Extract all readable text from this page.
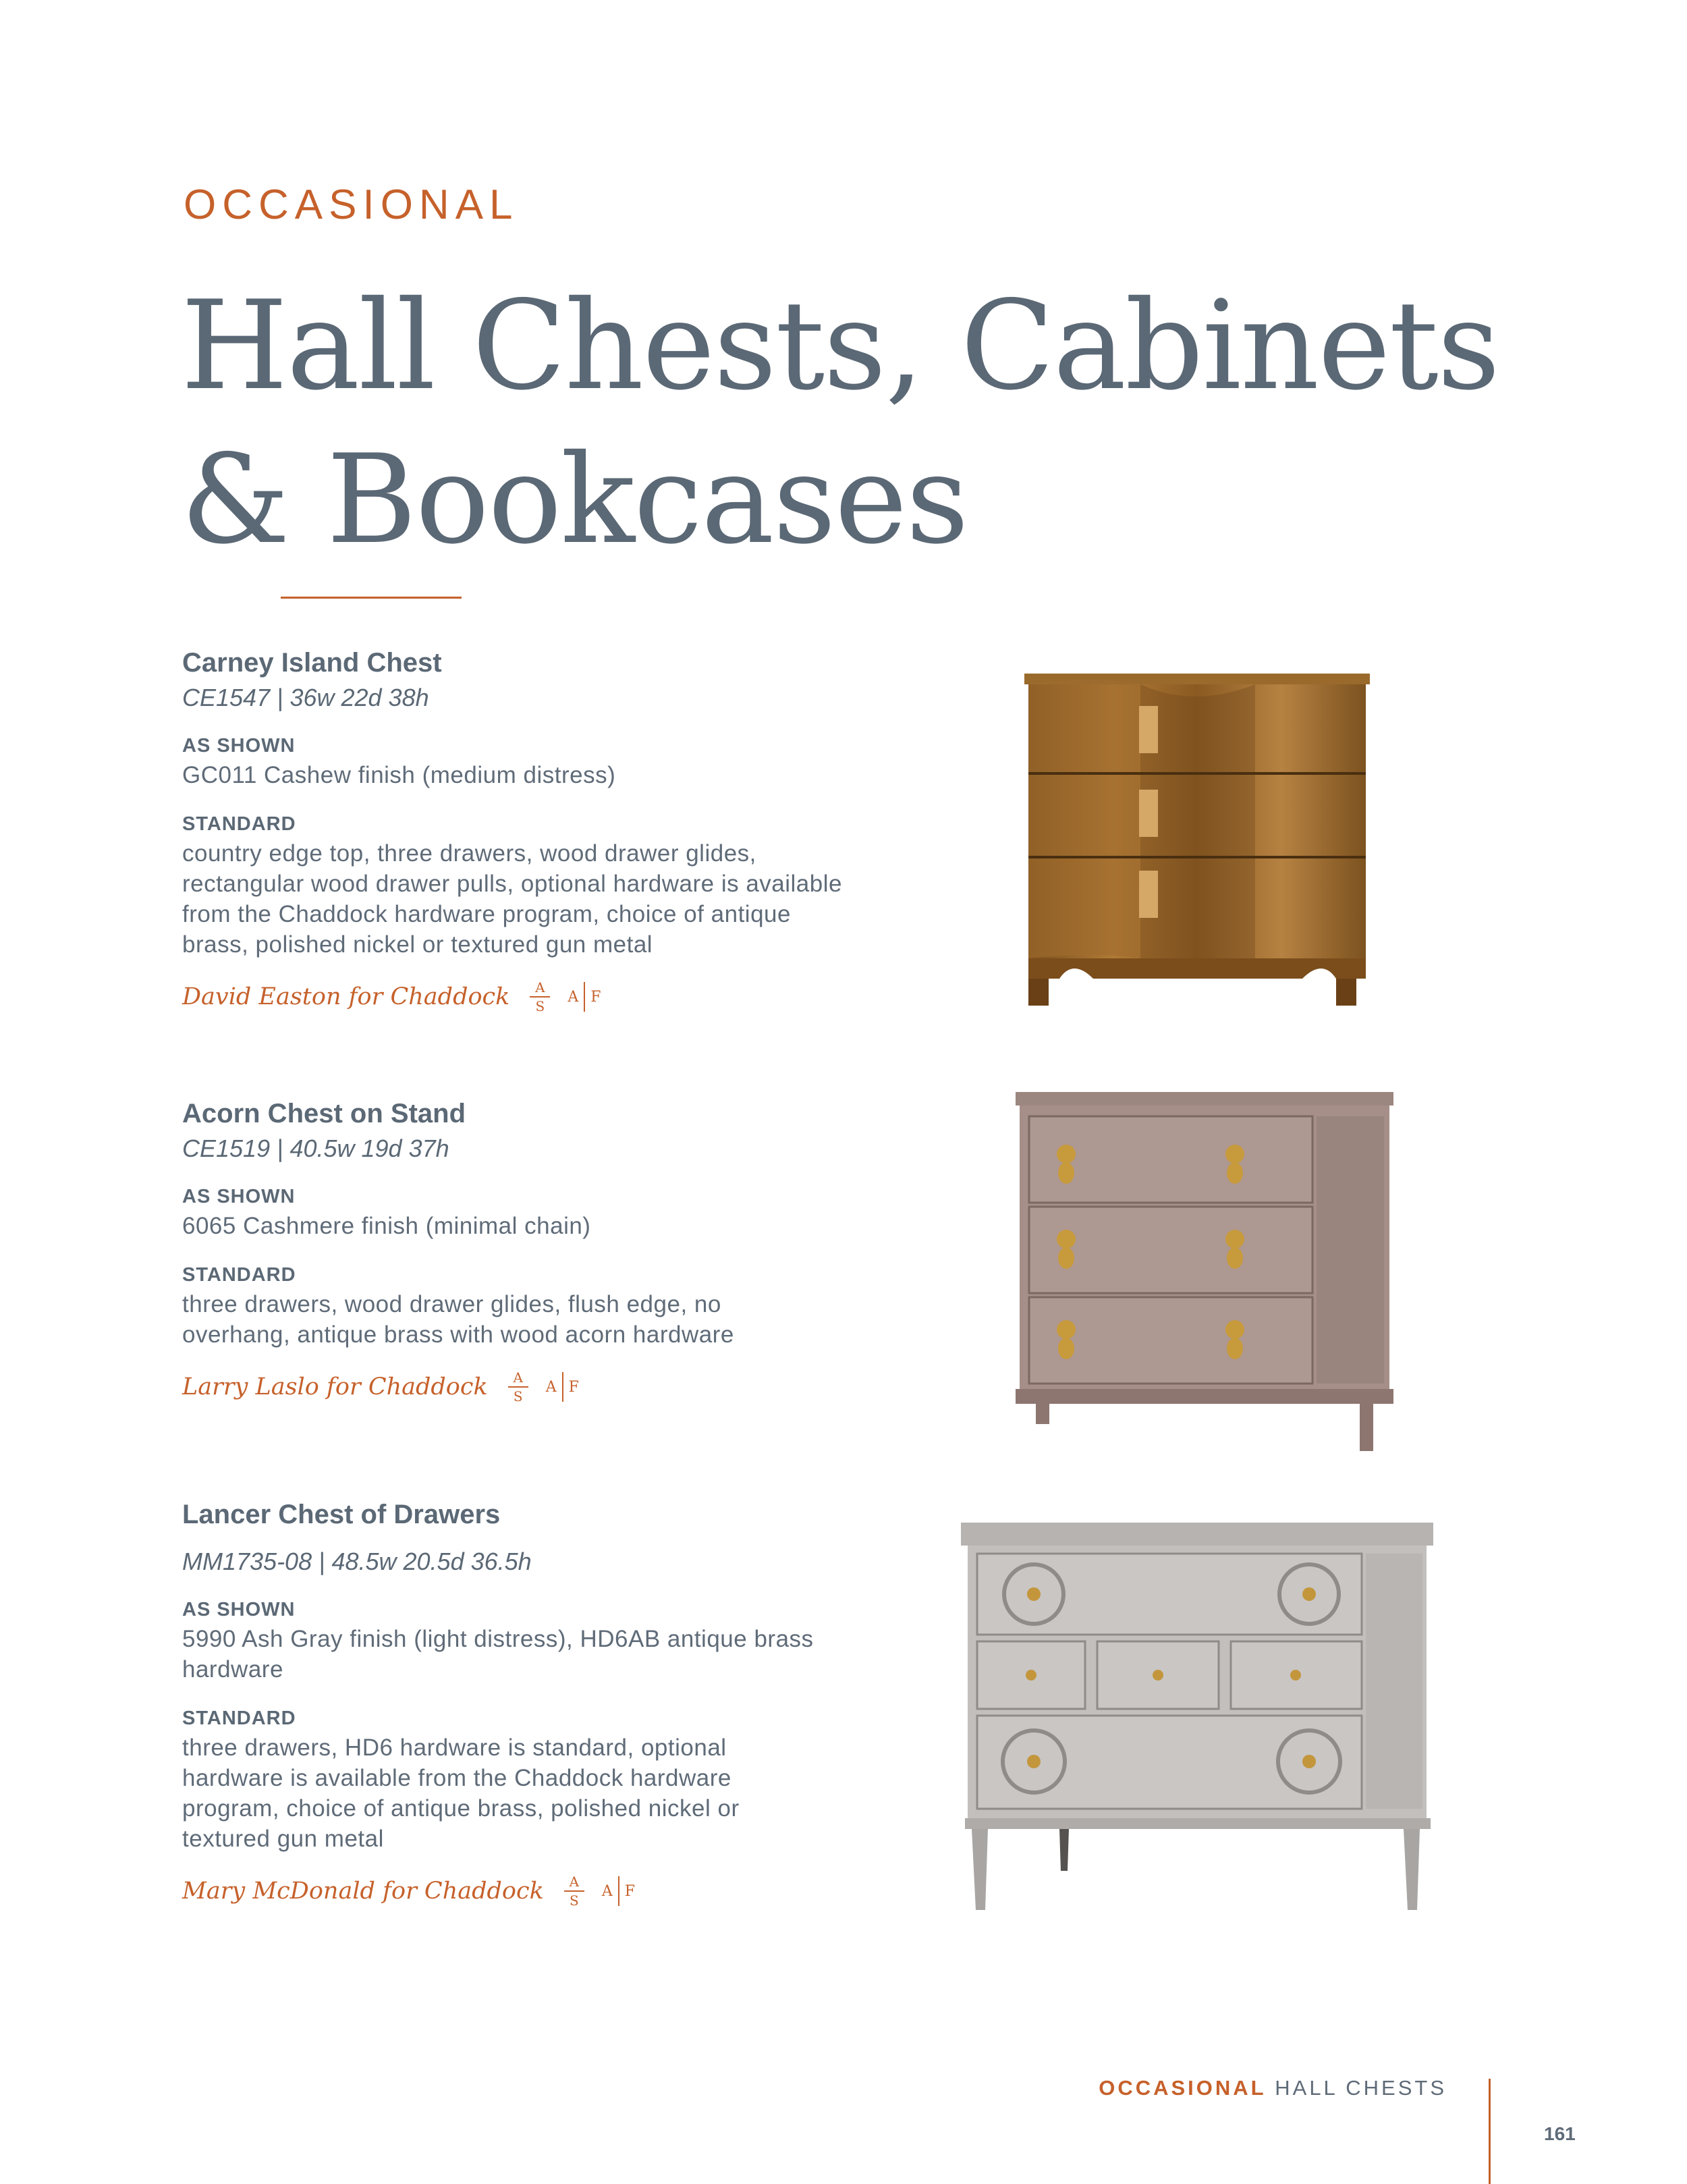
OCCASIONAL
Hall Chests, Cabinets & Bookcases
Carney Island Chest
CE1547 | 36w 22d 38h
AS SHOWN
GC011 Cashew finish (medium distress)
STANDARD
country edge top, three drawers, wood drawer glides, rectangular wood drawer pulls, optional hardware is available from the Chaddock hardware program, choice of antique brass, polished nickel or textured gun metal
David Easton for Chaddock $\frac{A}{S}$ A F
Acorn Chest on Stand
CE1519 | 40.5w 19d 37h
AS SHOWN
6065 Cashmere finish (minimal chain)
STANDARD
three drawers, wood drawer glides, flush edge, no overhang, antique brass with wood acorn hardware
Larry Laslo for Chaddock $\frac{A}{S}$ A F
Lancer Chest of Drawers
MM1735-08 | 48.5w 20.5d 36.5h
AS SHOWN
5990 Ash Gray finish (light distress), HD6AB antique brass hardware
STANDARD
three drawers, HD6 hardware is standard, optional hardware is available from the Chaddock hardware program, choice of antique brass, polished nickel or textured gun metal
Mary McDonald for Chaddock $\frac{A}{S}$ A F
OCCASIONAL HALL CHESTS
161
